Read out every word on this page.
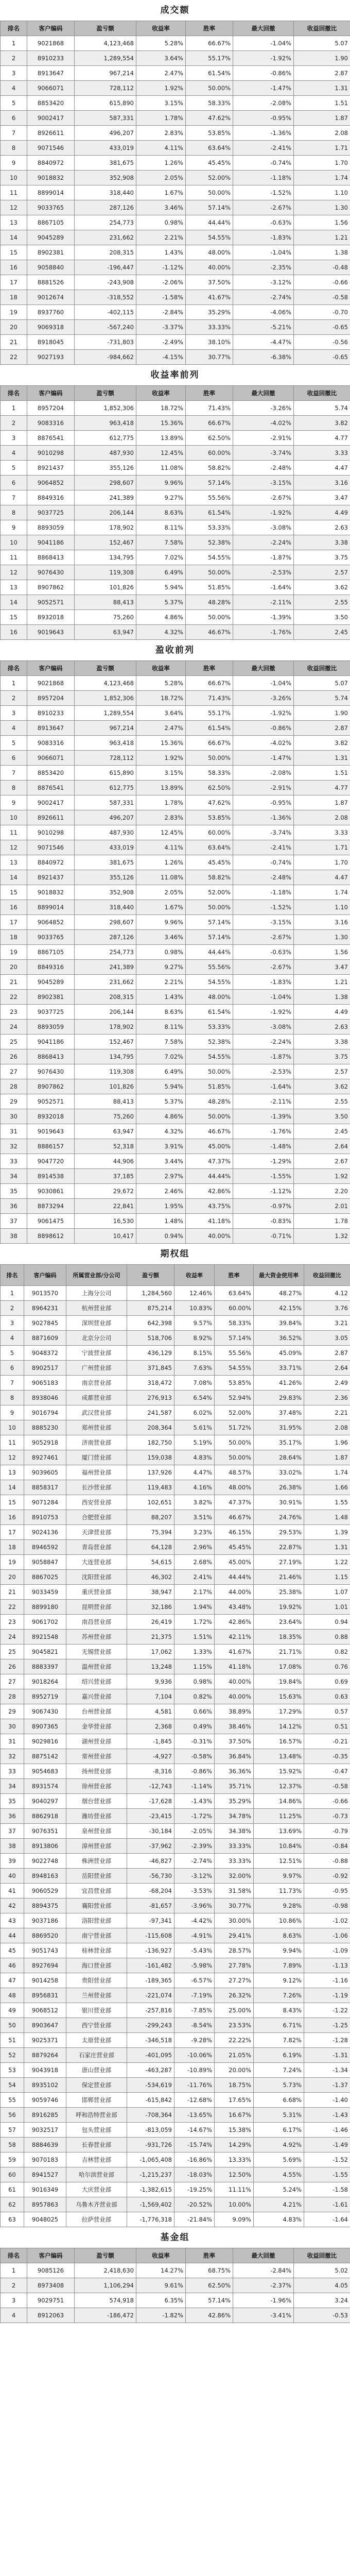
成交额
排名	客户编码	盈亏额	收益率	胜率	最大回撤	收益回撤比
1	9021868	4,123,468	5.28%	66.67%	-1.04%	5.07
2	8910233	1,289,554	3.64%	55.17%	-1.92%	1.90
3	8913647	967,214	2.47%	61.54%	-0.86%	2.87
4	9066071	728,112	1.92%	50.00%	-1.47%	1.31
5	8853420	615,890	3.15%	58.33%	-2.08%	1.51
6	9002417	587,331	1.78%	47.62%	-0.95%	1.87
7	8926611	496,207	2.83%	53.85%	-1.36%	2.08
8	9071546	433,019	4.11%	63.64%	-2.41%	1.71
9	8840972	381,675	1.26%	45.45%	-0.74%	1.70
10	9018832	352,908	2.05%	52.00%	-1.18%	1.74
11	8899014	318,440	1.67%	50.00%	-1.52%	1.10
12	9033765	287,126	3.46%	57.14%	-2.67%	1.30
13	8867105	254,773	0.98%	44.44%	-0.63%	1.56
14	9045289	231,662	2.21%	54.55%	-1.83%	1.21
15	8902381	208,315	1.43%	48.00%	-1.04%	1.38
16	9058840	-196,447	-1.12%	40.00%	-2.35%	-0.48
17	8881526	-243,908	-2.06%	37.50%	-3.12%	-0.66
18	9012674	-318,552	-1.58%	41.67%	-2.74%	-0.58
19	8937760	-402,115	-2.84%	35.29%	-4.06%	-0.70
20	9069318	-567,240	-3.37%	33.33%	-5.21%	-0.65
21	8918045	-731,803	-2.49%	38.10%	-4.47%	-0.56
22	9027193	-984,662	-4.15%	30.77%	-6.38%	-0.65
收益率前列
排名	客户编码	盈亏额	收益率	胜率	最大回撤	收益回撤比
1	8957204	1,852,306	18.72%	71.43%	-3.26%	5.74
2	9083316	963,418	15.36%	66.67%	-4.02%	3.82
3	8876541	612,775	13.89%	62.50%	-2.91%	4.77
4	9010298	487,930	12.45%	60.00%	-3.74%	3.33
5	8921437	355,126	11.08%	58.82%	-2.48%	4.47
6	9064852	298,607	9.96%	57.14%	-3.15%	3.16
7	8849316	241,389	9.27%	55.56%	-2.67%	3.47
8	9037725	206,144	8.63%	61.54%	-1.92%	4.49
9	8893059	178,902	8.11%	53.33%	-3.08%	2.63
10	9041186	152,467	7.58%	52.38%	-2.24%	3.38
11	8868413	134,795	7.02%	54.55%	-1.87%	3.75
12	9076430	119,308	6.49%	50.00%	-2.53%	2.57
13	8907862	101,826	5.94%	51.85%	-1.64%	3.62
14	9052571	88,413	5.37%	48.28%	-2.11%	2.55
15	8932018	75,260	4.86%	50.00%	-1.39%	3.50
16	9019643	63,947	4.32%	46.67%	-1.76%	2.45
盈收前列
排名	客户编码	盈亏额	收益率	胜率	最大回撤	收益回撤比
1	9021868	4,123,468	5.28%	66.67%	-1.04%	5.07
2	8957204	1,852,306	18.72%	71.43%	-3.26%	5.74
3	8910233	1,289,554	3.64%	55.17%	-1.92%	1.90
4	8913647	967,214	2.47%	61.54%	-0.86%	2.87
5	9083316	963,418	15.36%	66.67%	-4.02%	3.82
6	9066071	728,112	1.92%	50.00%	-1.47%	1.31
7	8853420	615,890	3.15%	58.33%	-2.08%	1.51
8	8876541	612,775	13.89%	62.50%	-2.91%	4.77
9	9002417	587,331	1.78%	47.62%	-0.95%	1.87
10	8926611	496,207	2.83%	53.85%	-1.36%	2.08
11	9010298	487,930	12.45%	60.00%	-3.74%	3.33
12	9071546	433,019	4.11%	63.64%	-2.41%	1.71
13	8840972	381,675	1.26%	45.45%	-0.74%	1.70
14	8921437	355,126	11.08%	58.82%	-2.48%	4.47
15	9018832	352,908	2.05%	52.00%	-1.18%	1.74
16	8899014	318,440	1.67%	50.00%	-1.52%	1.10
17	9064852	298,607	9.96%	57.14%	-3.15%	3.16
18	9033765	287,126	3.46%	57.14%	-2.67%	1.30
19	8867105	254,773	0.98%	44.44%	-0.63%	1.56
20	8849316	241,389	9.27%	55.56%	-2.67%	3.47
21	9045289	231,662	2.21%	54.55%	-1.83%	1.21
22	8902381	208,315	1.43%	48.00%	-1.04%	1.38
23	9037725	206,144	8.63%	61.54%	-1.92%	4.49
24	8893059	178,902	8.11%	53.33%	-3.08%	2.63
25	9041186	152,467	7.58%	52.38%	-2.24%	3.38
26	8868413	134,795	7.02%	54.55%	-1.87%	3.75
27	9076430	119,308	6.49%	50.00%	-2.53%	2.57
28	8907862	101,826	5.94%	51.85%	-1.64%	3.62
29	9052571	88,413	5.37%	48.28%	-2.11%	2.55
30	8932018	75,260	4.86%	50.00%	-1.39%	3.50
31	9019643	63,947	4.32%	46.67%	-1.76%	2.45
32	8886157	52,318	3.91%	45.00%	-1.48%	2.64
33	9047720	44,906	3.44%	47.37%	-1.29%	2.67
34	8914538	37,185	2.97%	44.44%	-1.55%	1.92
35	9030861	29,672	2.46%	42.86%	-1.12%	2.20
36	8873294	22,841	1.95%	43.75%	-0.97%	2.01
37	9061475	16,530	1.48%	41.18%	-0.83%	1.78
38	8898612	10,417	0.94%	40.00%	-0.71%	1.32
期权组
排名	客户编码	所属营业部/分公司	盈亏额	收益率	胜率	最大资金使用率	收益回撤比
1	9013570	上海分公司	1,284,560	12.46%	63.64%	48.27%	4.12
2	8964231	杭州营业部	875,214	10.83%	60.00%	42.15%	3.76
3	9027845	深圳营业部	642,398	9.57%	58.33%	39.84%	3.21
4	8871609	北京分公司	518,706	8.92%	57.14%	36.52%	3.05
5	9048372	宁波营业部	436,129	8.15%	55.56%	45.09%	2.87
6	8902517	广州营业部	371,845	7.63%	54.55%	33.71%	2.64
7	9065183	南京营业部	318,472	7.08%	53.85%	41.26%	2.49
8	8938046	成都营业部	276,913	6.54%	52.94%	29.83%	2.36
9	9016794	武汉营业部	241,587	6.02%	52.00%	37.48%	2.21
10	8885230	郑州营业部	208,364	5.61%	51.72%	31.95%	2.08
11	9052918	济南营业部	182,750	5.19%	50.00%	35.17%	1.96
12	8927461	厦门营业部	159,038	4.83%	50.00%	28.64%	1.87
13	9039605	福州营业部	137,926	4.47%	48.57%	33.02%	1.74
14	8858317	长沙营业部	119,483	4.16%	48.00%	26.38%	1.66
15	9071284	西安营业部	102,651	3.82%	47.37%	30.91%	1.55
16	8910753	合肥营业部	88,207	3.51%	46.67%	24.76%	1.48
17	9024136	天津营业部	75,394	3.23%	46.15%	29.53%	1.39
18	8946592	青岛营业部	64,128	2.96%	45.45%	22.87%	1.31
19	9058847	大连营业部	54,615	2.68%	45.00%	27.19%	1.22
20	8867025	沈阳营业部	46,302	2.41%	44.44%	21.46%	1.15
21	9033459	重庆营业部	38,947	2.17%	44.00%	25.38%	1.07
22	8899180	昆明营业部	32,186	1.94%	43.48%	19.92%	1.01
23	9061702	南昌营业部	26,419	1.72%	42.86%	23.64%	0.94
24	8921548	苏州营业部	21,375	1.51%	42.11%	18.35%	0.88
25	9045821	无锡营业部	17,062	1.33%	41.67%	21.71%	0.82
26	8883397	温州营业部	13,248	1.15%	41.18%	17.08%	0.76
27	9018264	绍兴营业部	9,936	0.98%	40.00%	19.84%	0.69
28	8952719	嘉兴营业部	7,104	0.82%	40.00%	15.63%	0.63
29	9067430	台州营业部	4,581	0.66%	38.89%	17.29%	0.57
30	8907365	金华营业部	2,368	0.49%	38.46%	14.12%	0.51
31	9029816	湖州营业部	-1,845	-0.31%	37.50%	16.57%	-0.21
32	8875142	常州营业部	-4,927	-0.58%	36.84%	13.48%	-0.35
33	9054683	扬州营业部	-8,316	-0.86%	36.36%	15.92%	-0.47
34	8931574	徐州营业部	-12,743	-1.14%	35.71%	12.37%	-0.58
35	9040297	烟台营业部	-17,628	-1.43%	35.29%	14.86%	-0.66
36	8862918	潍坊营业部	-23,415	-1.72%	34.78%	11.25%	-0.73
37	9076351	泉州营业部	-30,184	-2.05%	34.38%	13.69%	-0.79
38	8913806	漳州营业部	-37,962	-2.39%	33.33%	10.84%	-0.84
39	9022748	株洲营业部	-46,827	-2.74%	33.33%	12.51%	-0.88
40	8948163	岳阳营业部	-56,730	-3.12%	32.00%	9.97%	-0.92
41	9060529	宜昌营业部	-68,204	-3.53%	31.58%	11.73%	-0.95
42	8894375	襄阳营业部	-81,657	-3.96%	30.77%	9.28%	-0.98
43	9037186	洛阳营业部	-97,341	-4.42%	30.00%	10.86%	-1.02
44	8869520	南宁营业部	-115,608	-4.91%	29.41%	8.63%	-1.06
45	9051743	桂林营业部	-136,927	-5.43%	28.57%	9.94%	-1.09
46	8927694	海口营业部	-161,482	-5.98%	27.78%	7.89%	-1.13
47	9014258	贵阳营业部	-189,365	-6.57%	27.27%	9.12%	-1.16
48	8956831	兰州营业部	-221,074	-7.19%	26.32%	7.26%	-1.19
49	9068512	银川营业部	-257,816	-7.85%	25.00%	8.43%	-1.22
50	8903647	西宁营业部	-299,243	-8.54%	23.53%	6.71%	-1.25
51	9025371	太原营业部	-346,518	-9.28%	22.22%	7.82%	-1.28
52	8879264	石家庄营业部	-401,095	-10.06%	21.05%	6.19%	-1.31
53	9043918	唐山营业部	-463,287	-10.89%	20.00%	7.24%	-1.34
54	8935102	保定营业部	-534,619	-11.76%	18.75%	5.73%	-1.37
55	9059746	邯郸营业部	-615,842	-12.68%	17.65%	6.68%	-1.40
56	8916285	呼和浩特营业部	-708,364	-13.65%	16.67%	5.31%	-1.43
57	9032517	包头营业部	-813,059	-14.67%	15.38%	6.17%	-1.46
58	8884639	长春营业部	-931,726	-15.74%	14.29%	4.92%	-1.49
59	9070183	吉林营业部	-1,065,408	-16.86%	13.33%	5.69%	-1.52
60	8941527	哈尔滨营业部	-1,215,237	-18.03%	12.50%	4.55%	-1.55
61	9016349	大庆营业部	-1,382,615	-19.25%	11.11%	5.24%	-1.58
62	8957863	乌鲁木齐营业部	-1,569,402	-20.52%	10.00%	4.21%	-1.61
63	9048025	拉萨营业部	-1,776,318	-21.84%	9.09%	4.83%	-1.64
基金组
排名	客户编码	盈亏额	收益率	胜率	最大回撤	收益回撤比
1	9085126	2,418,630	14.27%	68.75%	-2.84%	5.02
2	8973408	1,106,294	9.61%	62.50%	-2.37%	4.05
3	9029751	574,918	6.35%	57.14%	-1.96%	3.24
4	8912063	-186,472	-1.82%	42.86%	-3.41%	-0.53
